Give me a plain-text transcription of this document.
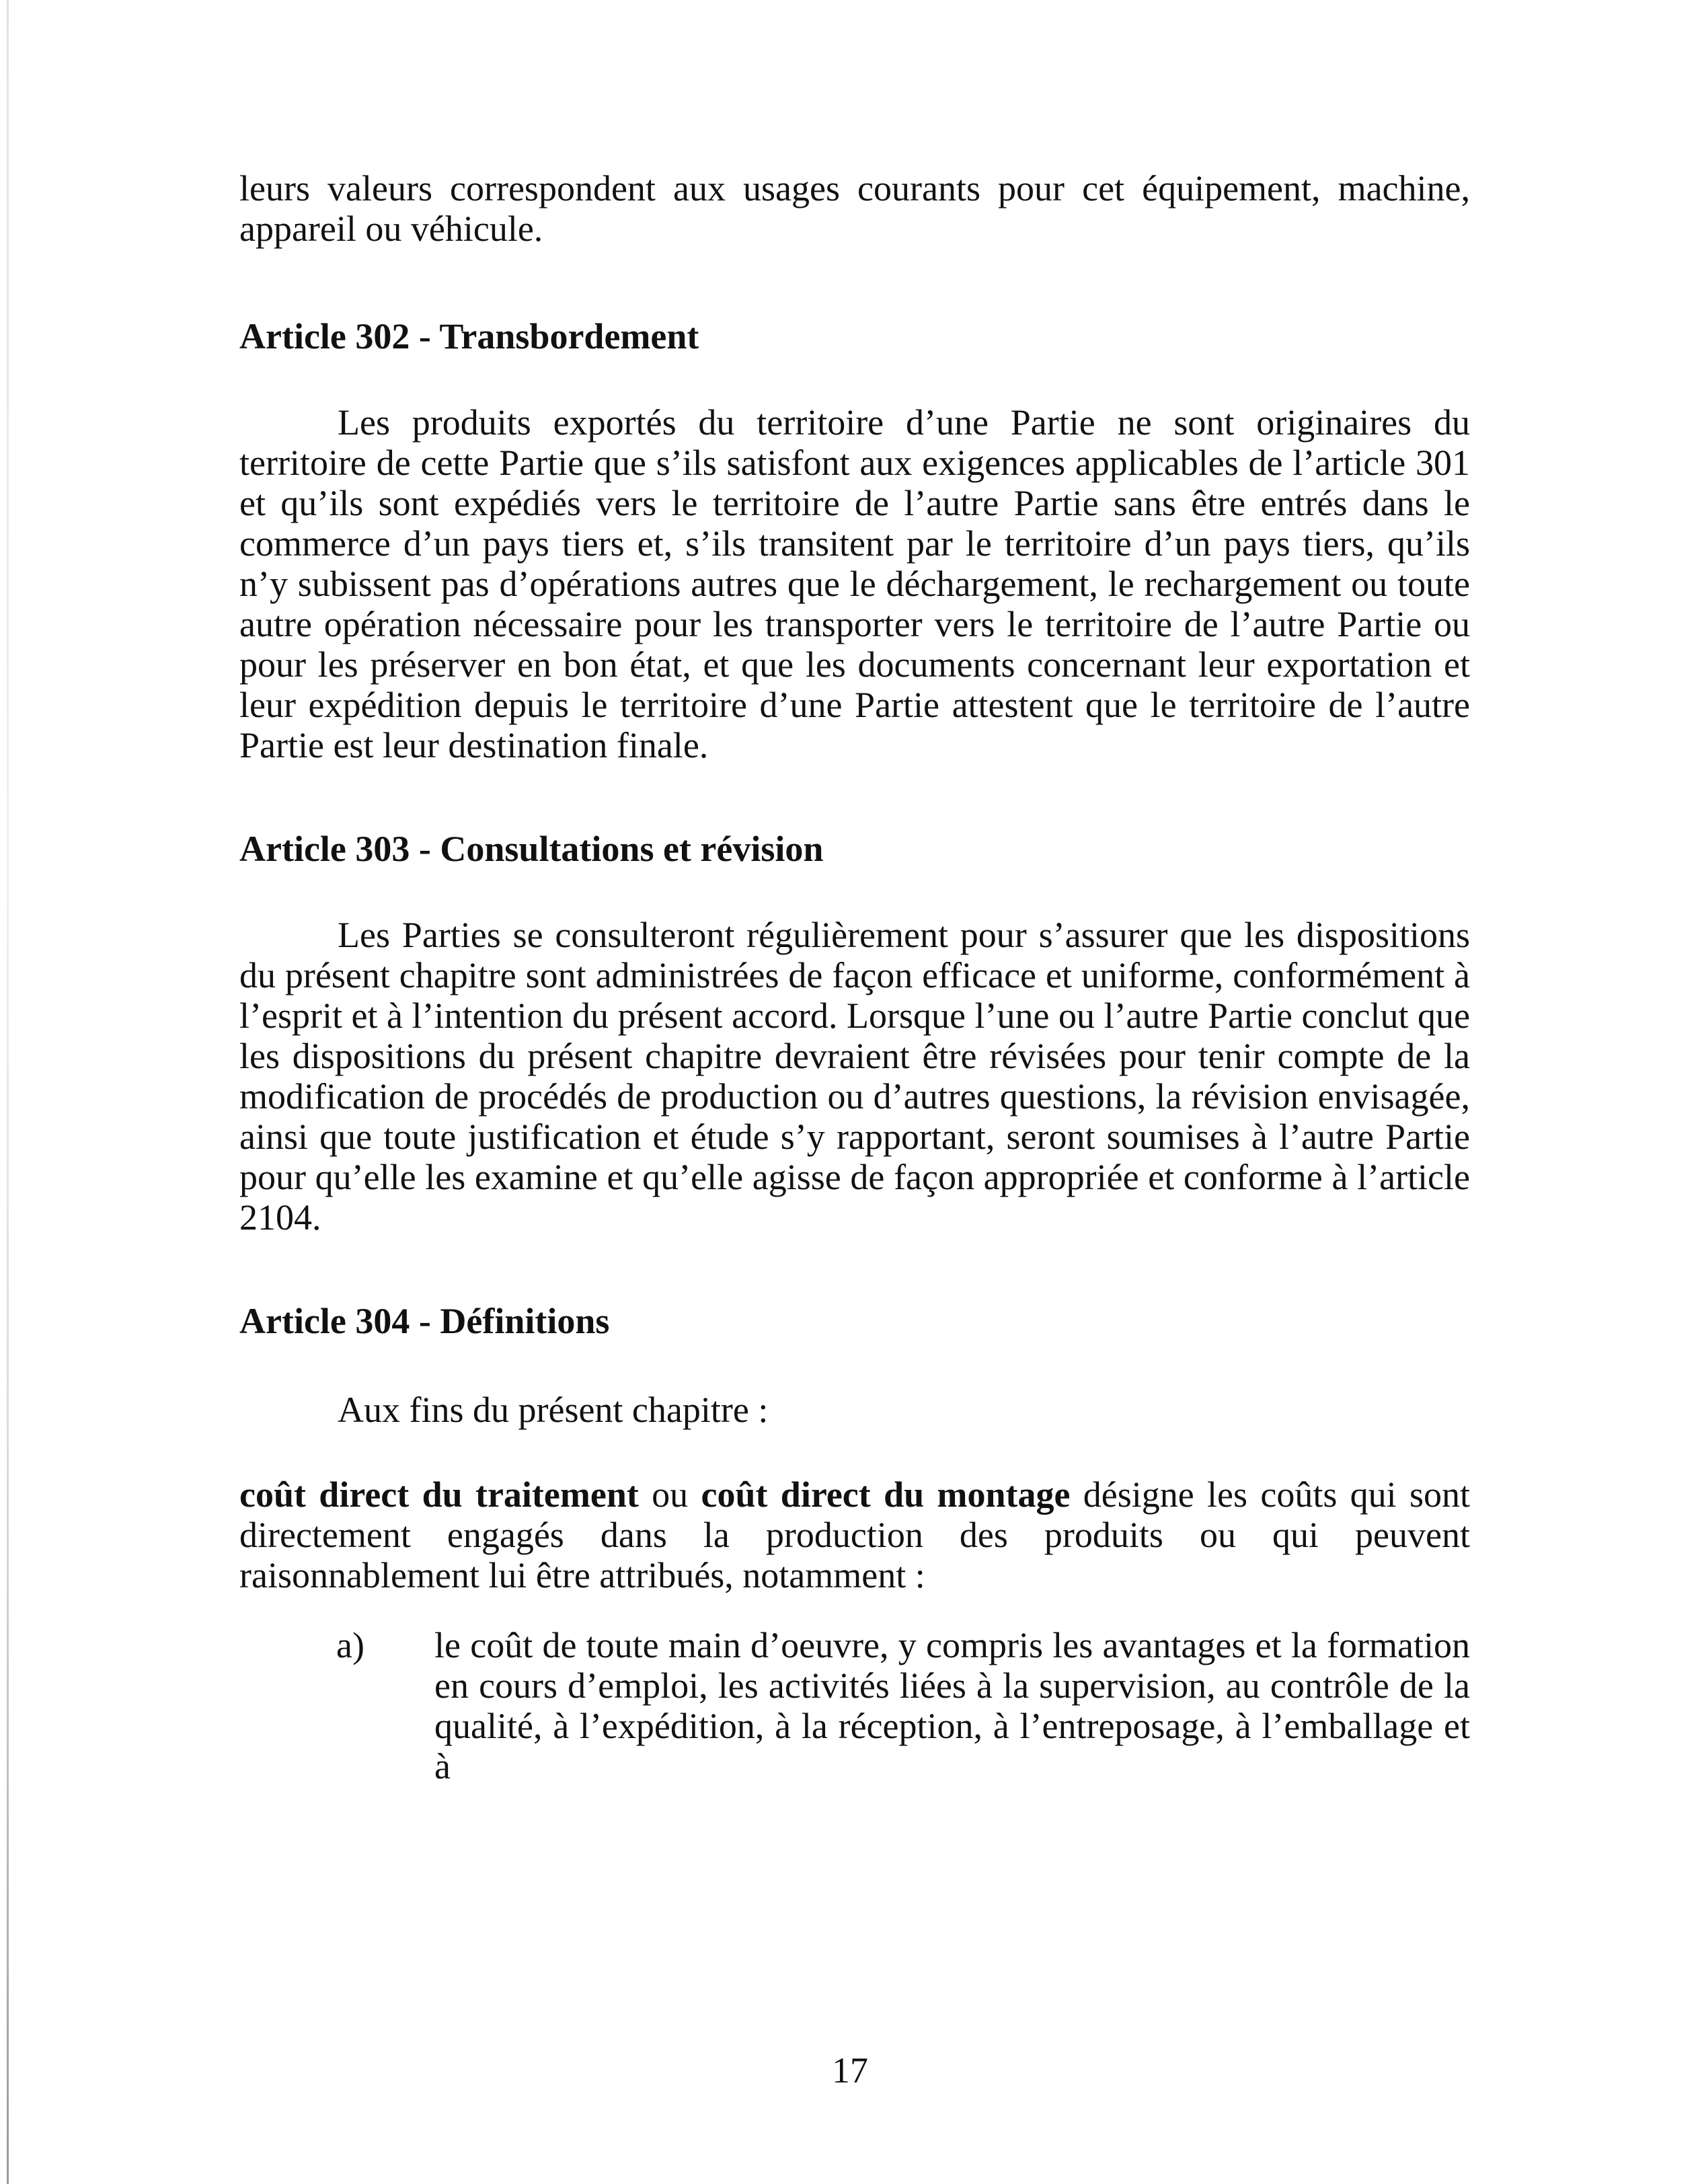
leurs valeurs correspondent aux usages courants pour cet équipement, machine, appareil ou véhicule.

Article 302 - Transbordement

Les produits exportés du territoire d’une Partie ne sont originaires du territoire de cette Partie que s’ils satisfont aux exigences applicables de l’article 301 et qu’ils sont expédiés vers le territoire de l’autre Partie sans être entrés dans le commerce d’un pays tiers et, s’ils transitent par le territoire d’un pays tiers, qu’ils n’y subissent pas d’opérations autres que le déchargement, le rechargement ou toute autre opération nécessaire pour les transporter vers le territoire de l’autre Partie ou pour les préserver en bon état, et que les documents concernant leur exportation et leur expédition depuis le territoire d’une Partie attestent que le territoire de l’autre Partie est leur destination finale.

Article 303 - Consultations et révision

Les Parties se consulteront régulièrement pour s’assurer que les dispositions du présent chapitre sont administrées de façon efficace et uniforme, conformément à l’esprit et à l’intention du présent accord. Lorsque l’une ou l’autre Partie conclut que les dispositions du présent chapitre devraient être révisées pour tenir compte de la modification de procédés de production ou d’autres questions, la révision envisagée, ainsi que toute justification et étude s’y rapportant, seront soumises à l’autre Partie pour qu’elle les examine et qu’elle agisse de façon appropriée et conforme à l’article 2104.

Article 304 - Définitions

Aux fins du présent chapitre :

coût direct du traitement ou coût direct du montage désigne les coûts qui sont directement engagés dans la production des produits ou qui peuvent raisonnablement lui être attribués, notamment :

a)	le coût de toute main d’oeuvre, y compris les avantages et la formation en cours d’emploi, les activités liées à la supervision, au contrôle de la qualité, à l’expédition, à la réception, à l’entreposage, à l’emballage et à
17
